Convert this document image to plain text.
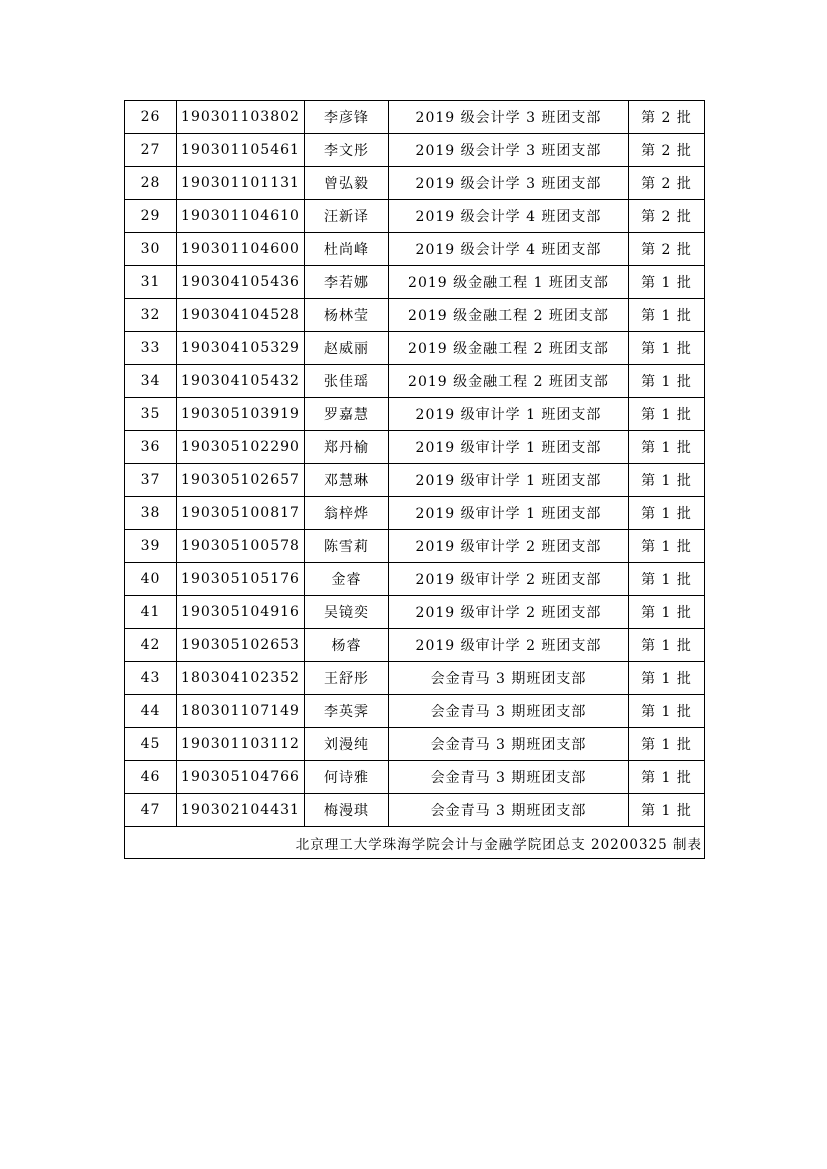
26	190301103802	李彦锋	2019 级会计学 3 班团支部	第 2 批
27	190301105461	李文彤	2019 级会计学 3 班团支部	第 2 批
28	190301101131	曾弘毅	2019 级会计学 3 班团支部	第 2 批
29	190301104610	汪新译	2019 级会计学 4 班团支部	第 2 批
30	190301104600	杜尚峰	2019 级会计学 4 班团支部	第 2 批
31	190304105436	李若娜	2019 级金融工程 1 班团支部	第 1 批
32	190304104528	杨林莹	2019 级金融工程 2 班团支部	第 1 批
33	190304105329	赵威丽	2019 级金融工程 2 班团支部	第 1 批
34	190304105432	张佳瑶	2019 级金融工程 2 班团支部	第 1 批
35	190305103919	罗嘉慧	2019 级审计学 1 班团支部	第 1 批
36	190305102290	郑丹榆	2019 级审计学 1 班团支部	第 1 批
37	190305102657	邓慧琳	2019 级审计学 1 班团支部	第 1 批
38	190305100817	翁梓烨	2019 级审计学 1 班团支部	第 1 批
39	190305100578	陈雪莉	2019 级审计学 2 班团支部	第 1 批
40	190305105176	金睿	2019 级审计学 2 班团支部	第 1 批
41	190305104916	吴镜奕	2019 级审计学 2 班团支部	第 1 批
42	190305102653	杨睿	2019 级审计学 2 班团支部	第 1 批
43	180304102352	王舒彤	会金青马 3 期班团支部	第 1 批
44	180301107149	李英霁	会金青马 3 期班团支部	第 1 批
45	190301103112	刘漫纯	会金青马 3 期班团支部	第 1 批
46	190305104766	何诗雅	会金青马 3 期班团支部	第 1 批
47	190302104431	梅漫琪	会金青马 3 期班团支部	第 1 批
北京理工大学珠海学院会计与金融学院团总支 20200325 制表				
